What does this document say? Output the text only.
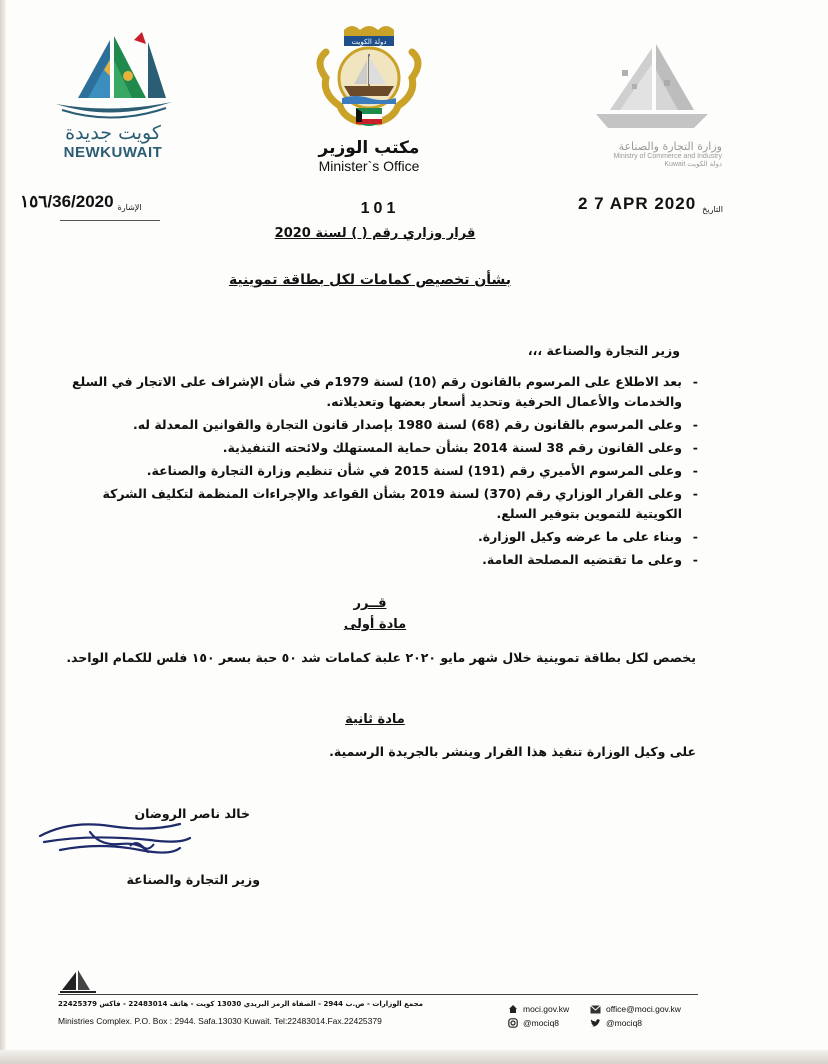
كويت جديدة
NEWKUWAIT
دولة الكويت
مكتب الوزير
Minister`s Office
وزارة التجارة والصناعة
Ministry of Commerce and Industry
Kuwait دولة الكويت
١٥٦/36/2020 الإشارة	2 7 APR 2020 التاريخ
101
قرار وزاري رقم ( ) لسنة 2020
بشأن تخصيص كمامات لكل بطاقة تموينية
وزير التجارة والصناعة ،،،
-
بعد الاطلاع على المرسوم بالقانون رقم (10) لسنة 1979م في شأن الإشراف على الاتجار في السلع والخدمات والأعمال الحرفية وتحديد أسعار بعضها وتعديلاته.
-
وعلى المرسوم بالقانون رقم (68) لسنة 1980 بإصدار قانون التجارة والقوانين المعدلة له.
-
وعلى القانون رقم 38 لسنة 2014 بشأن حماية المستهلك ولائحته التنفيذية.
-
وعلى المرسوم الأميري رقم (191) لسنة 2015 في شأن تنظيم وزارة التجارة والصناعة.
-
وعلى القرار الوزاري رقم (370) لسنة 2019 بشأن القواعد والإجراءات المنظمة لتكليف الشركة الكويتية للتموين بتوفير السلع.
-
وبناء على ما عرضه وكيل الوزارة.
-
وعلى ما تقتضيه المصلحة العامة.
قــرر
مادة أولى
يخصص لكل بطاقة تموينية خلال شهر مايو ٢٠٢٠ علبة كمامات شد ٥٠ حبة بسعر ١٥٠ فلس للكمام الواحد.
مادة ثانية
على وكيل الوزارة تنفيذ هذا القرار وينشر بالجريدة الرسمية.
خالد ناصر الروضان
وزير التجارة والصناعة
مجمع الوزارات - ص.ب 2944 - الصفاة الرمز البريدي 13030 كويت - هاتف 22483014 - فاكس 22425379
Ministries Complex. P.O. Box : 2944. Safa.13030 Kuwait. Tel:22483014.Fax.22425379
moci.gov.kw
@mociq8
office@moci.gov.kw
@mociq8
